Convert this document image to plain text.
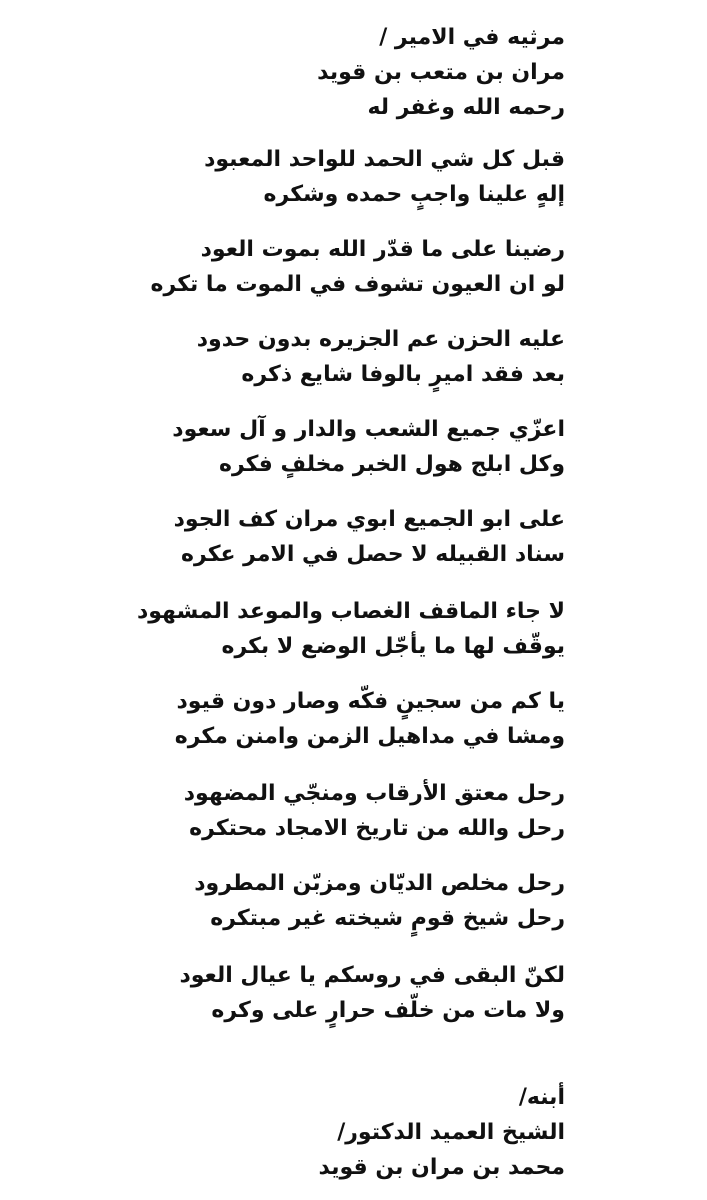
مرثيه في الامير /
مران بن متعب بن قويد
رحمه الله وغفر له
قبل كل شي الحمد للواحد المعبود
إلهٍ علينا واجبٍ حمده وشكره
رضينا على ما قدّر الله بموت العود
لو ان العيون تشوف في الموت ما تكره
عليه الحزن عم الجزيره بدون حدود
بعد فقد اميرٍ بالوفا شايع ذكره
اعزّي جميع الشعب والدار و آل سعود
وكل ابلج هول الخبر مخلفٍ فكره
على ابو الجميع ابوي مران كف الجود
سناد القبيله لا حصل في الامر عكره
لا جاء الماقف الغصاب والموعد المشهود
يوقّف لها ما يأجّل الوضع لا بكره
يا كم من سجينٍ فكّه وصار دون قيود
ومشا في مداهيل الزمن وامنن مكره
رحل معتق الأرقاب ومنجّي المضهود
رحل والله من تاريخ الامجاد محتكره
رحل مخلص الديّان ومزبّن المطرود
رحل شيخ قومٍ شيخته غير مبتكره
لكنّ البقى في روسكم يا عيال العود
ولا مات من خلّف حرارٍ على وكره
أبنه/
الشيخ العميد الدكتور/
محمد بن مران بن قويد
